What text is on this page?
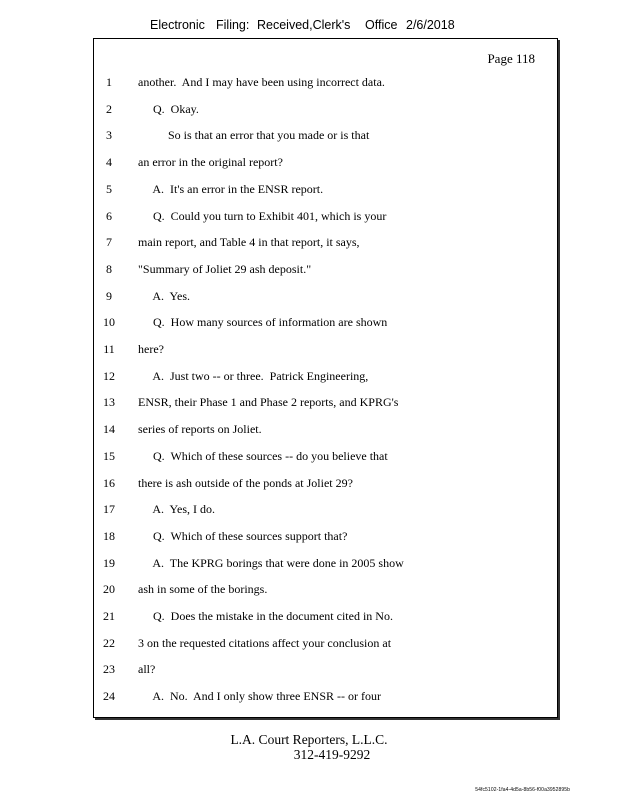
Electronic Filing: Received,Clerk's Office 2/6/2018
Page 118
1	another.  And I may have been using incorrect data.
2	Q.  Okay.
3	So is that an error that you made or is that
4	an error in the original report?
5	A.  It's an error in the ENSR report.
6	Q.  Could you turn to Exhibit 401, which is your
7	main report, and Table 4 in that report, it says,
8	"Summary of Joliet 29 ash deposit."
9	A.  Yes.
10	Q.  How many sources of information are shown
11	here?
12	A.  Just two -- or three.  Patrick Engineering,
13	ENSR, their Phase 1 and Phase 2 reports, and KPRG's
14	series of reports on Joliet.
15	Q.  Which of these sources -- do you believe that
16	there is ash outside of the ponds at Joliet 29?
17	A.  Yes, I do.
18	Q.  Which of these sources support that?
19	A.  The KPRG borings that were done in 2005 show
20	ash in some of the borings.
21	Q.  Does the mistake in the document cited in No.
22	3 on the requested citations affect your conclusion at
23	all?
24	A.  No.  And I only show three ENSR -- or four
L.A. Court Reporters, L.L.C.
312-419-9292
54fc5102-1fa4-4d5a-8b56-f00a3952895b
